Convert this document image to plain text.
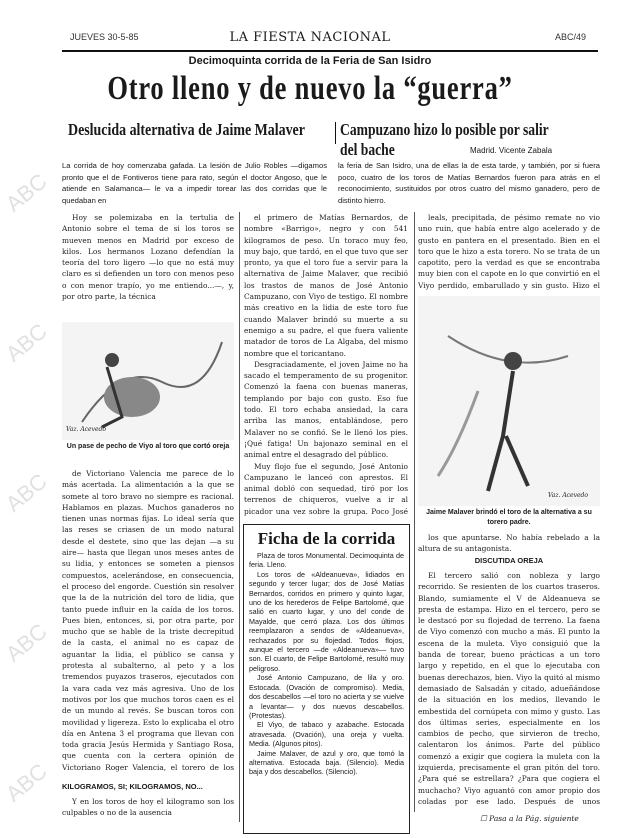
ABC
ABC
ABC
ABC
ABC
JUEVES 30-5-85	LA FIESTA NACIONAL	ABC/49
Decimoquinta corrida de la Feria de San Isidro
Otro lleno y de nuevo la “guerra”
Deslucida alternativa de Jaime Malaver Campuzano hizo lo posible por salir del bache	Madrid. Vicente Zabala
La corrida de hoy comenzaba gafada. La lesión de Julio Robles —digamos pronto que el de Fontiveros tiene para rato, según el doctor Angoso, que le atiende en Salamanca— le va a impedir torear las dos corridas que le quedaban en
la feria de San Isidro, una de ellas la de esta tarde, y también, por si fuera poco, cuatro de los toros de Matías Bernardos fueron para atrás en el reconocimiento, sustituidos por otros cuatro del mismo ganadero, pero de distinto hierro.

Hoy se polemizaba en la tertulia de Antonio sobre el tema de si los toros se mueven menos en Madrid por exceso de kilos. Los hermanos Lozano defendían la teoría del toro ligero —lo que no está muy claro es si defienden un toro con menos peso o con menor trapío, yo me entiendo...—, y, por otro parte, la técnica

Vaz. Acevedo
Un pase de pecho de Viyo al toro que cortó oreja

de Victoriano Valencia me parece de lo más acertada. La alimentación a la que se somete al toro bravo no siempre es racional. Hablamos en plazas. Muchos ganaderos no tienen unas normas fijas. Lo ideal sería que las reses se criasen de un modo natural desde el destete, sino que las dejan —a su aire— hasta que llegan unos meses antes de su lidia, y entonces se someten a piensos compuestos, acelerándose, en consecuencia, el proceso del engorde. Cuestión sin resolver que la de la nutrición del toro de lidia, que tanto puede influir en la caída de los toros. Pues bien, entonces, si, por otra parte, por mucho que se hable de la triste decrepitud de la casta, el animal no es capaz de aguantar la lidia, el público se cansa y protesta al subalterno, al peto y a los tremendos puyazos traseros, ejecutados con la vara cada vez más agresiva. Uno de los motivos por los que muchos toros caen es el de un mundo al revés. Se buscan toros con movilidad y ligereza. Esto lo explicaba el otro día en Antena 3 el programa que llevan con toda gracia Jesús Hermida y Santiago Rosa, que cuenta con la certera opinión de Victoriano Roger Valencia, el torero de los

KILOGRAMOS, SI; KILOGRAMOS, NO...

Y en los toros de hoy el kilogramo son los culpables o no de la ausencia

el primero de Matías Bernardos, de nombre «Barrigo», negro y con 541 kilogramos de peso. Un toraco muy feo, muy bajo, que tardó, en el que tuvo que ser pronto, ya que el toro fue a servir para la alternativa de Jaime Malaver, que recibió los trastos de manos de José Antonio Campuzano, con Viyo de testigo. El nombre más creativo en la lidia de este toro fue cuando Malaver brindó su muerte a su enemigo a su padre, el que fuera valiente matador de toros de La Algaba, del mismo nombre que el toricantano.

Desgraciadamente, el joven Jaime no ha sacado el temperamento de su progenitor. Comenzó la faena con buenas maneras, templando por bajo con gusto. Eso fue todo. El toro echaba ansiedad, la cara arriba las manos, entablándose, pero Malaver no se confió. Se le llenó los pies. ¡Qué fatiga! Un bajonazo seminal en el animal entre el desagrado del público.

Muy flojo fue el segundo, José Antonio Campuzano le lanceó con aprestos. El animal dobló con sequedad, tiró por los terrenos de chiqueros, vuelve a ir al picador una vez sobre la grupa. Poco José

Ficha de la corrida

Plaza de toros Monumental. Decimoquinta de feria. Lleno.

Los toros de «Aldeanueva», lidiados en segundo y tercer lugar; dos de José Matías Bernardos, corridos en primero y quinto lugar, uno de los herederos de Felipe Bartolomé, que salió en cuarto lugar, y uno del conde de Mayalde, que cerró plaza. Los dos últimos reemplazaron a sendos de «Aldeanueva», rechazados por su flojedad. Todos flojos, aunque el tercero —de «Aldeanueva»— tuvo son. El cuarto, de Felipe Bartolomé, resultó muy peligroso.

José Antonio Campuzano, de lila y oro. Estocada. (Ovación de compromiso). Media, dos descabellos —el toro no acierta y se vuelve a levantar— y dos nuevos descabellos. (Protestas).

El Viyo, de tabaco y azabache. Estocada atravesada. (Ovación), una oreja y vuelta. Media. (Algunos pitos).

Jaime Malaver, de azul y oro, que tomó la alternativa. Estocada baja. (Silencio). Media baja y dos descabellos. (Silencio).

leals, precipitada, de pésimo remate no vio uno ruin, que había entre algo acelerado y de gusto en pantera en el presentado. Bien en el toro que le hizo a esta torero. No se trata de un capotito, pero la verdad es que se encontraba muy bien con el capote en lo que convirtió en el Viyo perdido, embarullado y sin gusto. Hizo el

Vaz. Acevedo
Jaime Malaver brindó el toro de la alternativa a su torero padre.

los que apuntarse. No había rebelado a la altura de su antagonista.

DISCUTIDA OREJA

El tercero salió con nobleza y largo recorrido. Se resienten de los cuartos traseros. Blando, sumiamente el V de Aldeanueva se presta de estampa. Hizo en el tercero, pero se le destacó por su flojedad de terreno. La faena de Viyo comenzó con mucho a más. El punto la escena de la muleta. Viyo consiguió que la banda de torear, bueno prácticas a un toro largo y repetido, en el que lo ejecutaba con buenas derechazos, bien. Viyo la quitó al mismo demasiado de Salsadán y citado, adueñándose de la situación en los medios, llevando le embestida del cornúpeta con mimo y gusto. Las dos últimas series, especialmente en los cambios de pecho, que sirvieron de trecho, calentaron los ánimos. Parte del público comenzó a exigir que cogiera la muleta con la izquierda, precisamente el gran pitón del toro. ¿Para qué se estrellara? ¿Para que cogiera el muchacho? Viyo aguantó con amor propio dos coladas por ese lado. Después de unos

☐ Pasa a la Pág. siguiente
